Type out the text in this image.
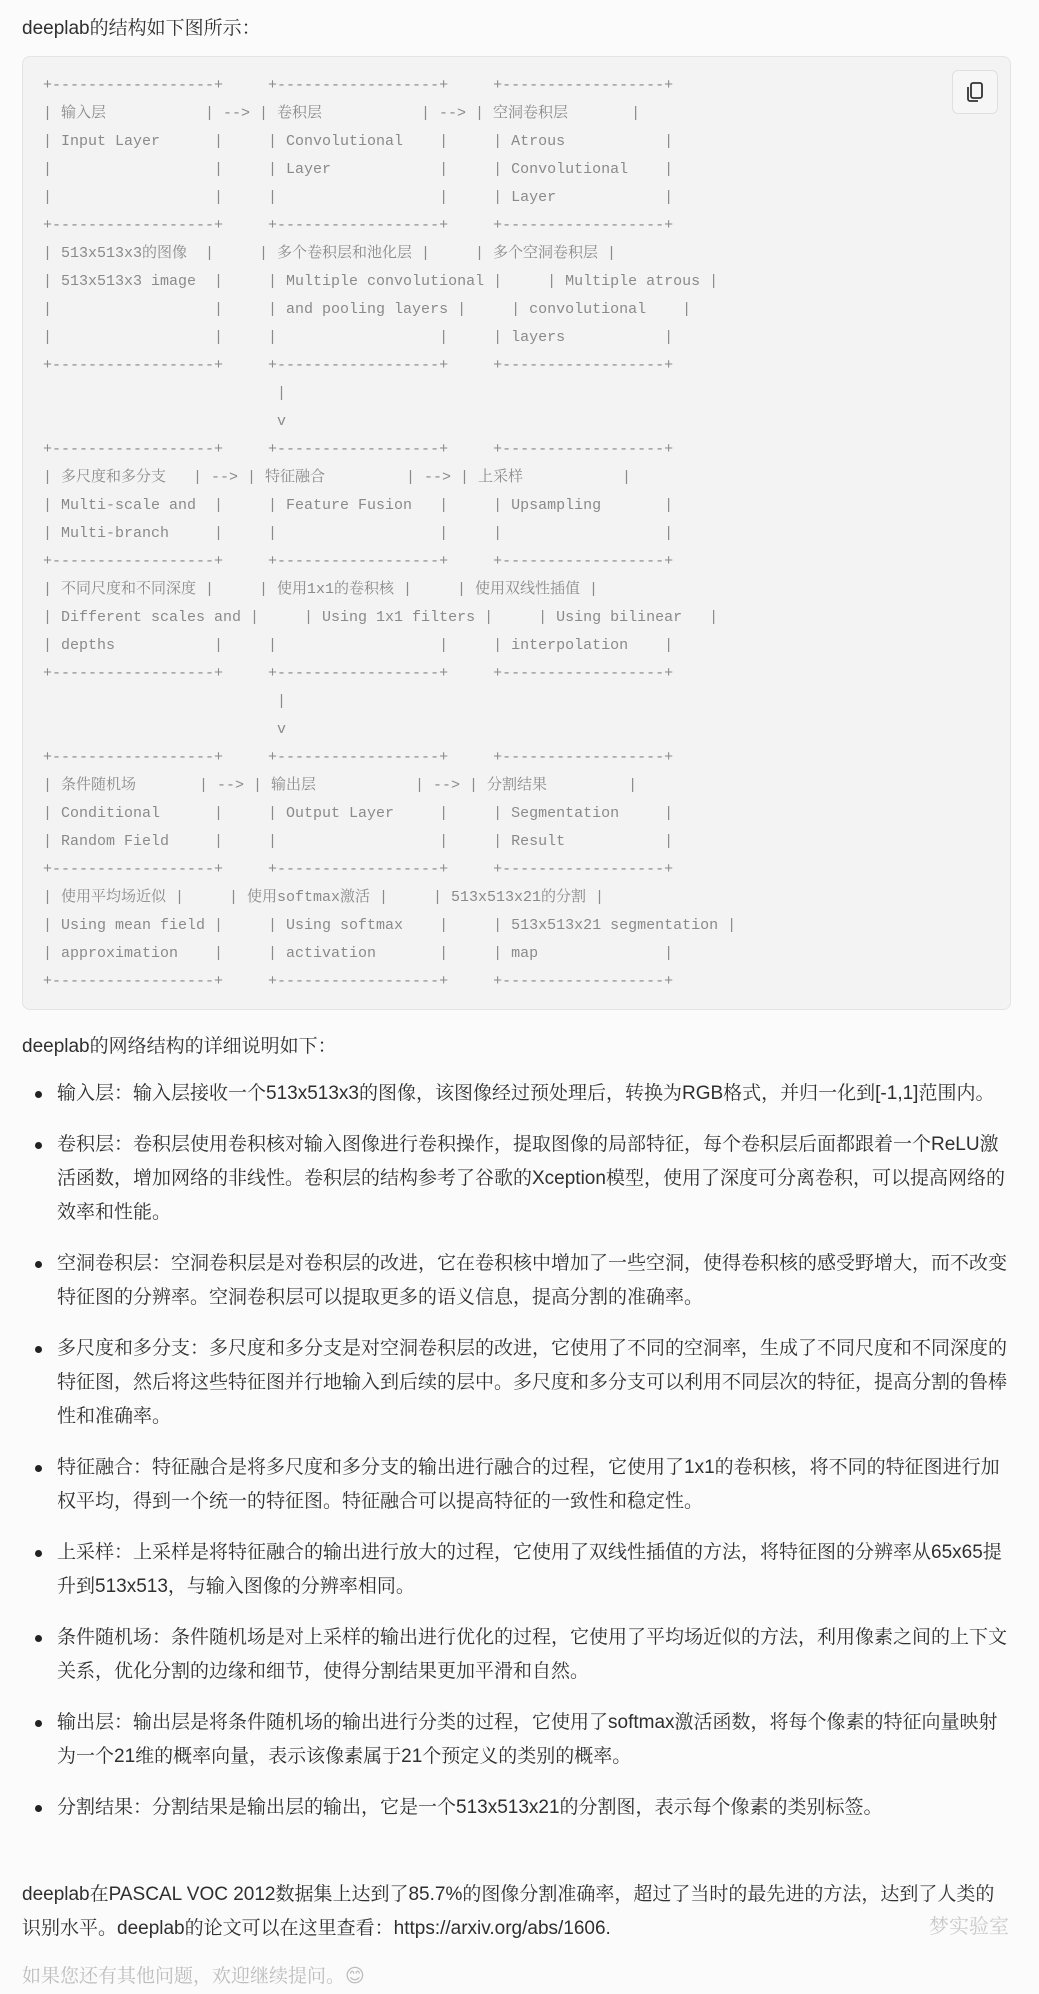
deeplab的结构如下图所示：

+------------------+     +------------------+     +------------------+
| 输入层           | --> | 卷积层           | --> | 空洞卷积层       |
| Input Layer      |     | Convolutional    |     | Atrous           |
|                  |     | Layer            |     | Convolutional    |
|                  |     |                  |     | Layer            |
+------------------+     +------------------+     +------------------+
| 513x513x3的图像  |     | 多个卷积层和池化层 |     | 多个空洞卷积层 |
| 513x513x3 image  |     | Multiple convolutional |     | Multiple atrous |
|                  |     | and pooling layers |     | convolutional    |
|                  |     |                  |     | layers           |
+------------------+     +------------------+     +------------------+
|
v
+------------------+     +------------------+     +------------------+
| 多尺度和多分支   | --> | 特征融合         | --> | 上采样           |
| Multi-scale and  |     | Feature Fusion   |     | Upsampling       |
| Multi-branch     |     |                  |     |                  |
+------------------+     +------------------+     +------------------+
| 不同尺度和不同深度 |     | 使用1x1的卷积核 |     | 使用双线性插值 |
| Different scales and |     | Using 1x1 filters |     | Using bilinear   |
| depths           |     |                  |     | interpolation    |
+------------------+     +------------------+     +------------------+
|
v
+------------------+     +------------------+     +------------------+
| 条件随机场       | --> | 输出层           | --> | 分割结果         |
| Conditional      |     | Output Layer     |     | Segmentation     |
| Random Field     |     |                  |     | Result           |
+------------------+     +------------------+     +------------------+
| 使用平均场近似 |     | 使用softmax激活 |     | 513x513x21的分割 |
| Using mean field |     | Using softmax    |     | 513x513x21 segmentation |
| approximation    |     | activation       |     | map              |
+------------------+     +------------------+     +------------------+

deeplab的网络结构的详细说明如下：

输入层：输入层接收一个513x513x3的图像，该图像经过预处理后，转换为RGB格式，并归一化到[-1,1]范围内。
卷积层：卷积层使用卷积核对输入图像进行卷积操作，提取图像的局部特征，每个卷积层后面都跟着一个ReLU激活函数，增加网络的非线性。卷积层的结构参考了谷歌的Xception模型，使用了深度可分离卷积，可以提高网络的效率和性能。
空洞卷积层：空洞卷积层是对卷积层的改进，它在卷积核中增加了一些空洞，使得卷积核的感受野增大，而不改变特征图的分辨率。空洞卷积层可以提取更多的语义信息，提高分割的准确率。
多尺度和多分支：多尺度和多分支是对空洞卷积层的改进，它使用了不同的空洞率，生成了不同尺度和不同深度的特征图，然后将这些特征图并行地输入到后续的层中。多尺度和多分支可以利用不同层次的特征，提高分割的鲁棒性和准确率。
特征融合：特征融合是将多尺度和多分支的输出进行融合的过程，它使用了1x1的卷积核，将不同的特征图进行加权平均，得到一个统一的特征图。特征融合可以提高特征的一致性和稳定性。
上采样：上采样是将特征融合的输出进行放大的过程，它使用了双线性插值的方法，将特征图的分辨率从65x65提升到513x513，与输入图像的分辨率相同。
条件随机场：条件随机场是对上采样的输出进行优化的过程，它使用了平均场近似的方法，利用像素之间的上下文关系，优化分割的边缘和细节，使得分割结果更加平滑和自然。
输出层：输出层是将条件随机场的输出进行分类的过程，它使用了softmax激活函数，将每个像素的特征向量映射为一个21维的概率向量，表示该像素属于21个预定义的类别的概率。
分割结果：分割结果是输出层的输出，它是一个513x513x21的分割图，表示每个像素的类别标签。

deeplab在PASCAL VOC 2012数据集上达到了85.7%的图像分割准确率，超过了当时的最先进的方法，达到了人类的识别水平。deeplab的论文可以在这里查看：https://arxiv.org/abs/1606.	梦实验室

如果您还有其他问题，欢迎继续提问。😊
